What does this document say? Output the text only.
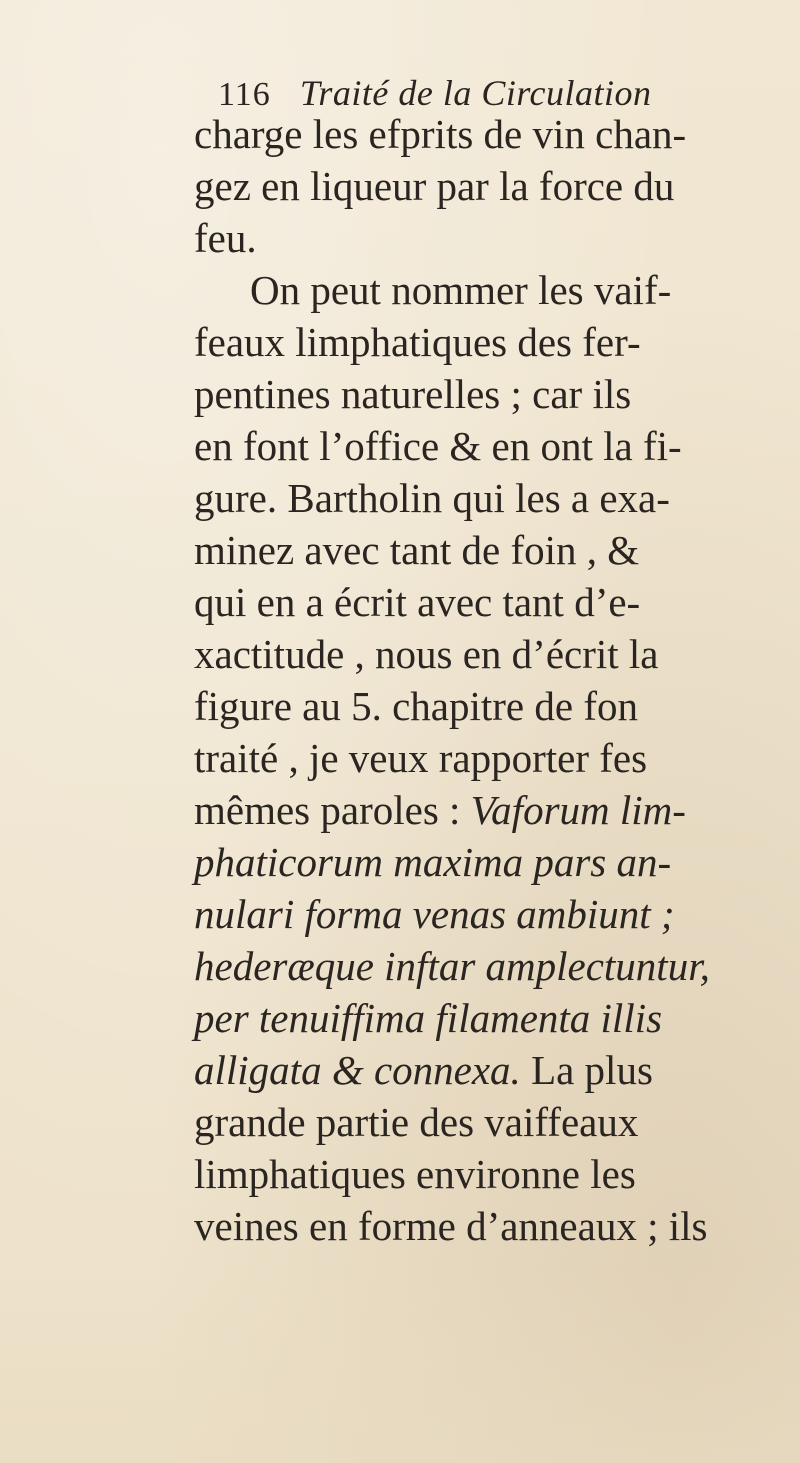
116 Traité de la Circulation
charge les efprits de vin chan-
gez en liqueur par la force du
feu.
On peut nommer les vaif-
feaux limphatiques des fer-
pentines naturelles ; car ils
en font l’office & en ont la fi-
gure. Bartholin qui les a exa-
minez avec tant de foin , &
qui en a écrit avec tant d’e-
xactitude , nous en d’écrit la
figure au 5. chapitre de fon
traité , je veux rapporter fes
mêmes paroles : Vaforum lim-
phaticorum maxima pars an-
nulari forma venas ambiunt ;
hederæque inftar amplectuntur,
per tenuiffima filamenta illis
alligata & connexa. La plus
grande partie des vaiffeaux
limphatiques environne les
veines en forme d’anneaux ; ils
